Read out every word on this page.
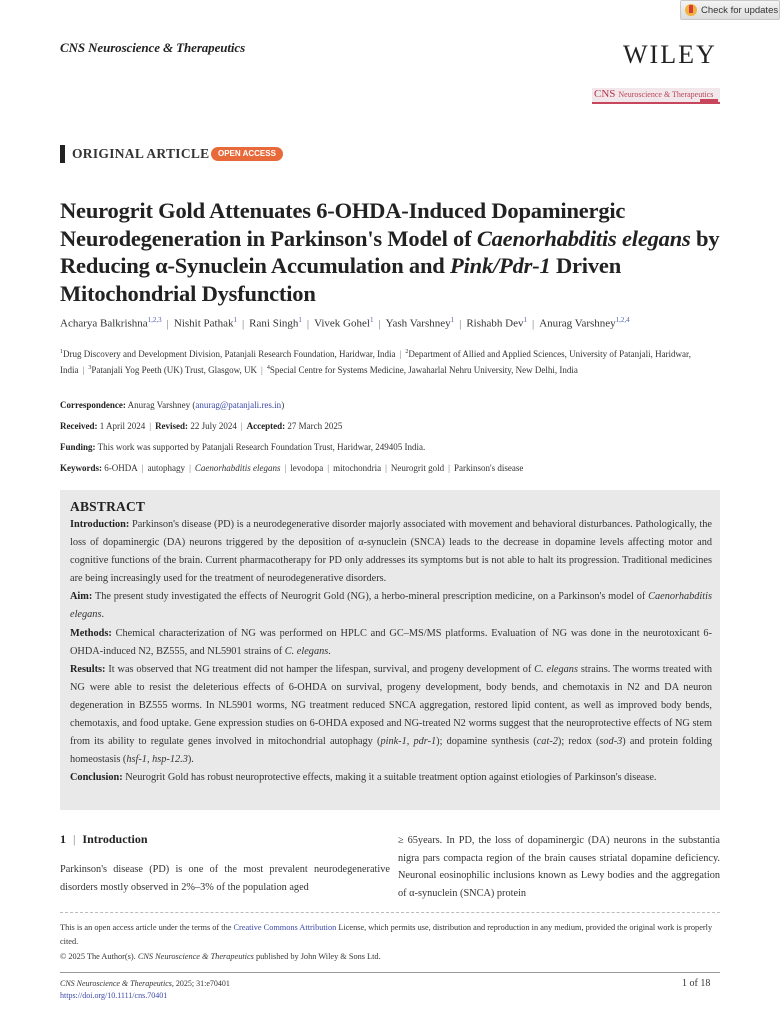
Check for updates
CNS Neuroscience & Therapeutics	WILEY
CNS Neuroscience & Therapeutics
ORIGINAL ARTICLE	OPEN ACCESS
Neurogrit Gold Attenuates 6-OHDA-Induced Dopaminergic Neurodegeneration in Parkinson's Model of Caenorhabditis elegans by Reducing α-Synuclein Accumulation and Pink/Pdr-1 Driven Mitochondrial Dysfunction
Acharya Balkrishna$^{1,2,3}$ | Nishit Pathak$^1$ | Rani Singh$^1$ | Vivek Gohel$^1$ | Yash Varshney$^1$ | Rishabh Dev$^1$ | Anurag Varshney$^{1,2,4}$
$^1$Drug Discovery and Development Division, Patanjali Research Foundation, Haridwar, India | $^2$Department of Allied and Applied Sciences, University of Patanjali, Haridwar, India | $^3$Patanjali Yog Peeth (UK) Trust, Glasgow, UK | $^4$Special Centre for Systems Medicine, Jawaharlal Nehru University, New Delhi, India
Correspondence: Anurag Varshney (anurag@patanjali.res.in)
Received: 1 April 2024 | Revised: 22 July 2024 | Accepted: 27 March 2025
Funding: This work was supported by Patanjali Research Foundation Trust, Haridwar, 249405 India.
Keywords: 6-OHDA | autophagy | Caenorhabditis elegans | levodopa | mitochondria | Neurogrit gold | Parkinson's disease
ABSTRACT

Introduction: Parkinson's disease (PD) is a neurodegenerative disorder majorly associated with movement and behavioral disturbances. Pathologically, the loss of dopaminergic (DA) neurons triggered by the deposition of α-synuclein (SNCA) leads to the decrease in dopamine levels affecting motor and cognitive functions of the brain. Current pharmacotherapy for PD only addresses its symptoms but is not able to halt its progression. Traditional medicines are being increasingly used for the treatment of neurodegenerative disorders.

Aim: The present study investigated the effects of Neurogrit Gold (NG), a herbo-mineral prescription medicine, on a Parkinson's model of Caenorhabditis elegans.

Methods: Chemical characterization of NG was performed on HPLC and GC–MS/MS platforms. Evaluation of NG was done in the neurotoxicant 6-OHDA-induced N2, BZ555, and NL5901 strains of C. elegans.

Results: It was observed that NG treatment did not hamper the lifespan, survival, and progeny development of C. elegans strains. The worms treated with NG were able to resist the deleterious effects of 6-OHDA on survival, progeny development, body bends, and chemotaxis in N2 and DA neuron degeneration in BZ555 worms. In NL5901 worms, NG treatment reduced SNCA aggregation, restored lipid content, as well as improved body bends, chemotaxis, and food uptake. Gene expression studies on 6-OHDA exposed and NG-treated N2 worms suggest that the neuroprotective effects of NG stem from its ability to regulate genes involved in mitochondrial autophagy (pink-1, pdr-1); dopamine synthesis (cat-2); redox (sod-3) and protein folding homeostasis (hsf-1, hsp-12.3).

Conclusion: Neurogrit Gold has robust neuroprotective effects, making it a suitable treatment option against etiologies of Parkinson's disease.

1 | Introduction
Parkinson's disease (PD) is one of the most prevalent neurodegenerative disorders mostly observed in 2%–3% of the population aged
≥ 65years. In PD, the loss of dopaminergic (DA) neurons in the substantia nigra pars compacta region of the brain causes striatal dopamine deficiency. Neuronal eosinophilic inclusions known as Lewy bodies and the aggregation of α-synuclein (SNCA) protein
This is an open access article under the terms of the Creative Commons Attribution License, which permits use, distribution and reproduction in any medium, provided the original work is properly cited.
© 2025 The Author(s). CNS Neuroscience & Therapeutics published by John Wiley & Sons Ltd.
CNS Neuroscience & Therapeutics, 2025; 31:e70401
https://doi.org/10.1111/cns.70401
1 of 18
